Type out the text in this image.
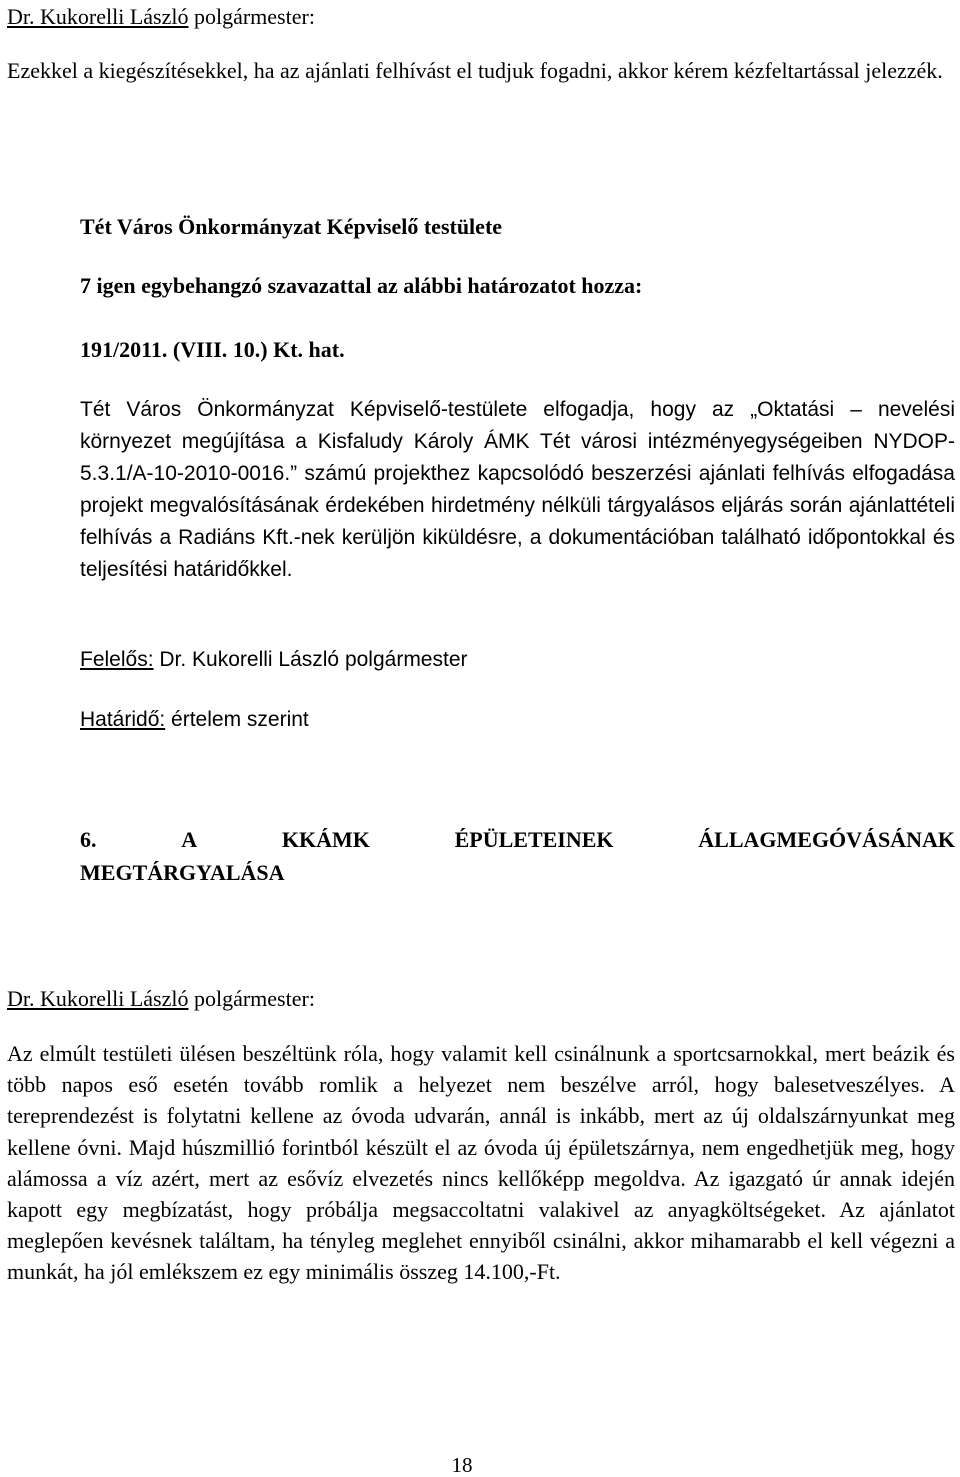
Dr. Kukorelli László polgármester:
Ezekkel a kiegészítésekkel, ha az ajánlati felhívást el tudjuk fogadni, akkor kérem kézfeltartással jelezzék.
Tét Város Önkormányzat Képviselő testülete
7 igen egybehangzó szavazattal az alábbi határozatot hozza:
191/2011. (VIII. 10.) Kt. hat.
Tét Város Önkormányzat Képviselő-testülete elfogadja, hogy az „Oktatási – nevelési környezet megújítása a Kisfaludy Károly ÁMK Tét városi intézményegységeiben NYDOP-5.3.1/A-10-2010-0016.” számú projekthez kapcsolódó beszerzési ajánlati felhívás elfogadása projekt megvalósításának érdekében hirdetmény nélküli tárgyalásos eljárás során ajánlattételi felhívás a Radiáns Kft.-nek kerüljön kiküldésre, a dokumentációban található időpontokkal és teljesítési határidőkkel.
Felelős: Dr. Kukorelli László polgármester
Határidő: értelem szerint
6.	A	KKÁMK	ÉPÜLETEINEK	ÁLLAGMEGÓVÁSÁNAK
MEGTÁRGYALÁSA
Dr. Kukorelli László polgármester:
Az elmúlt testületi ülésen beszéltünk róla, hogy valamit kell csinálnunk a sportcsarnokkal, mert beázik és több napos eső esetén tovább romlik a helyezet nem beszélve arról, hogy balesetveszélyes. A tereprendezést is folytatni kellene az óvoda udvarán, annál is inkább, mert az új oldalszárnyunkat meg kellene óvni. Majd húszmillió forintból készült el az óvoda új épületszárnya, nem engedhetjük meg, hogy alámossa a víz azért, mert az esővíz elvezetés nincs kellőképp megoldva. Az igazgató úr annak idején kapott egy megbízatást, hogy próbálja megsaccoltatni valakivel az anyagköltségeket. Az ajánlatot meglepően kevésnek találtam, ha tényleg meglehet ennyiből csinálni, akkor mihamarabb el kell végezni a munkát, ha jól emlékszem ez egy minimális összeg 14.100,-Ft.
18
